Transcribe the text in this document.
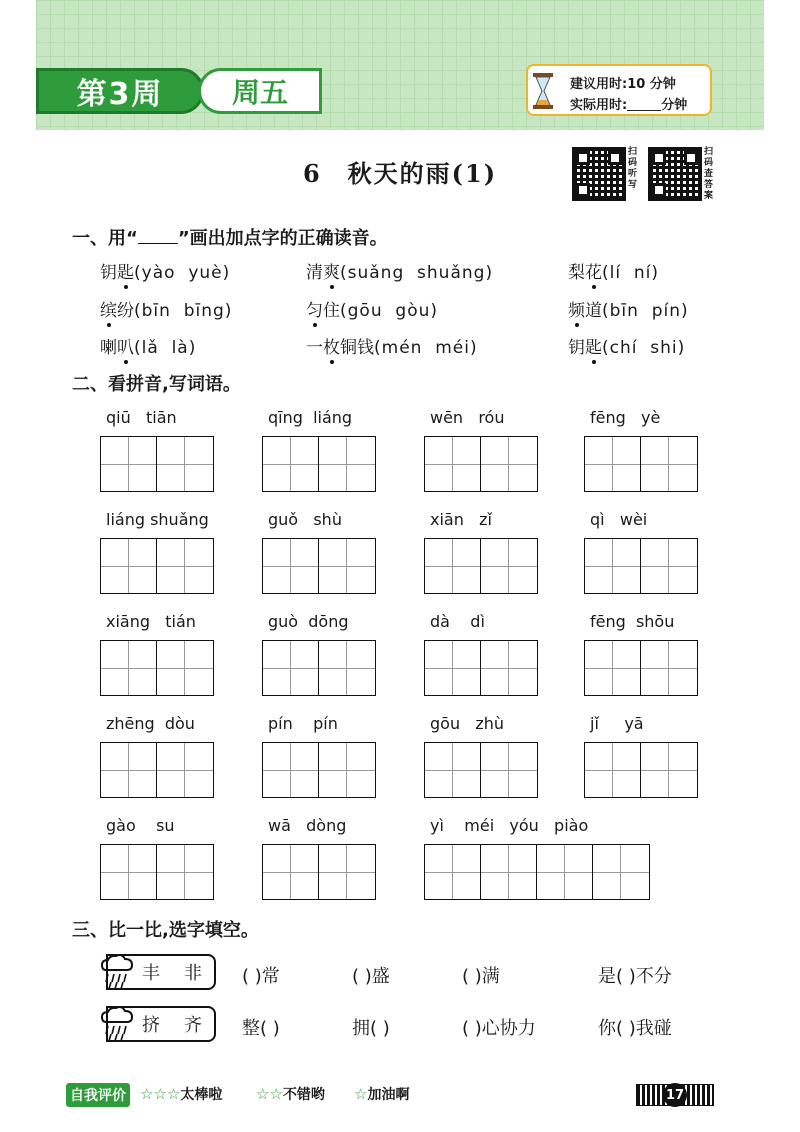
第3周	周五	建议用时:10 分钟
实际用时:	分钟
6 秋天的雨(1)
扫码听写
扫码查答案
一、用“ ”画出加点字的正确读音。
钥匙(yào  yuè)	清爽(suǎng  shuǎng)	梨花(lí  ní)
缤纷(bīn  bīng)	匀住(gōu  gòu)	频道(bīn  pín)
喇叭(lǎ  là)	一枚铜钱(mén  méi)	钥匙(chí  shi)
二、看拼音,写词语。
qiū   tiān	qīng  liáng	wēn   róu	fēng   yè
liáng shuǎng	guǒ   shù	xiān   zǐ	qì   wèi
xiāng   tián	guò  dōng	dà    dì	fēng  shōu
zhēng  dòu	pín    pín	gōu   zhù	jǐ     yā
gào    su	wā   dòng	yì    méi   yóu   piào
三、比一比,选字填空。
丰 非 ( )常	( )盛	( )满	是( )不分
挤 齐 整( )	拥( )	( )心协力	你( )我碰
自我评价 ☆☆☆太棒啦 ☆☆不错哟 ☆加油啊	17
